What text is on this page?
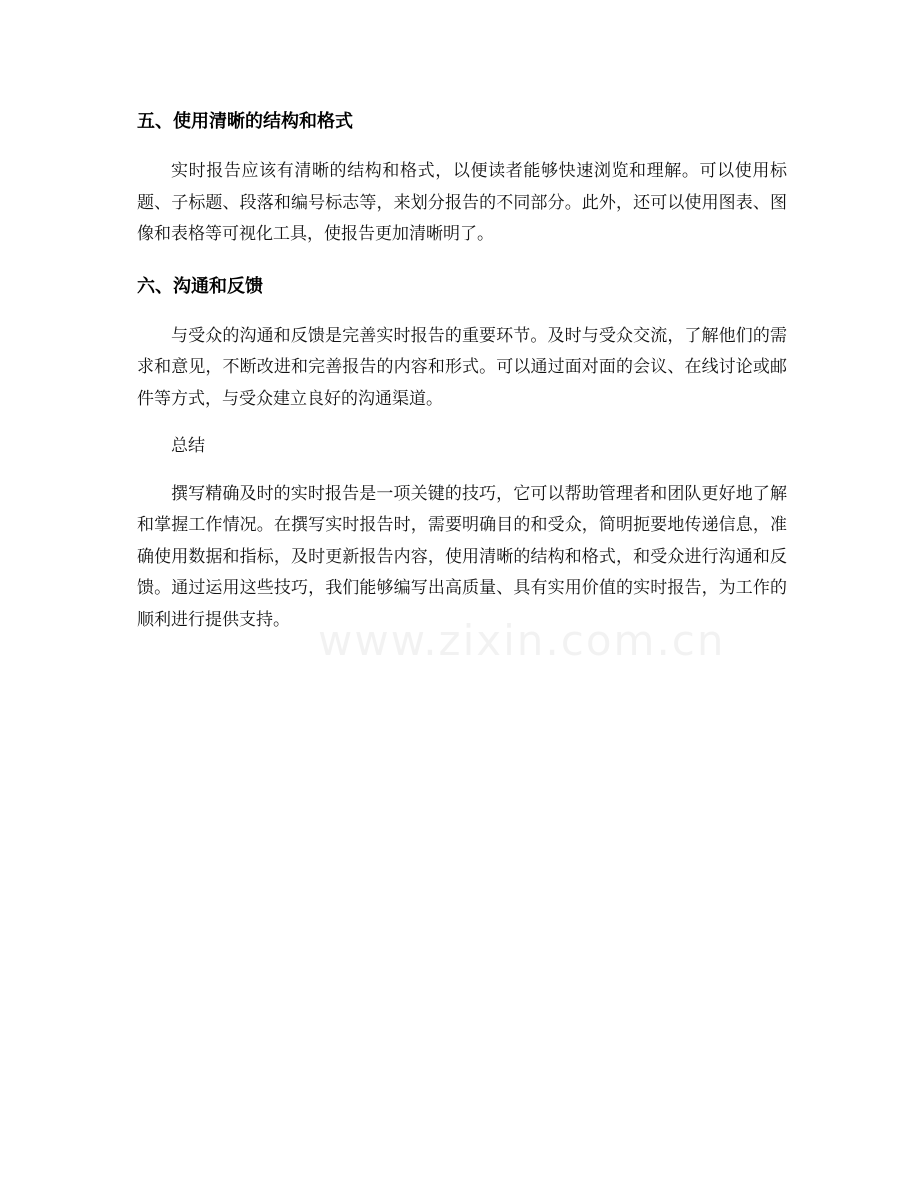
五、使用清晰的结构和格式

实时报告应该有清晰的结构和格式，以便读者能够快速浏览和理解。可以使用标题、子标题、段落和编号标志等，来划分报告的不同部分。此外，还可以使用图表、图像和表格等可视化工具，使报告更加清晰明了。

六、沟通和反馈

与受众的沟通和反馈是完善实时报告的重要环节。及时与受众交流，了解他们的需求和意见，不断改进和完善报告的内容和形式。可以通过面对面的会议、在线讨论或邮件等方式，与受众建立良好的沟通渠道。

总结

撰写精确及时的实时报告是一项关键的技巧，它可以帮助管理者和团队更好地了解和掌握工作情况。在撰写实时报告时，需要明确目的和受众，简明扼要地传递信息，准确使用数据和指标，及时更新报告内容，使用清晰的结构和格式，和受众进行沟通和反馈。通过运用这些技巧，我们能够编写出高质量、具有实用价值的实时报告，为工作的顺利进行提供支持。 www.zixin.com.cn
